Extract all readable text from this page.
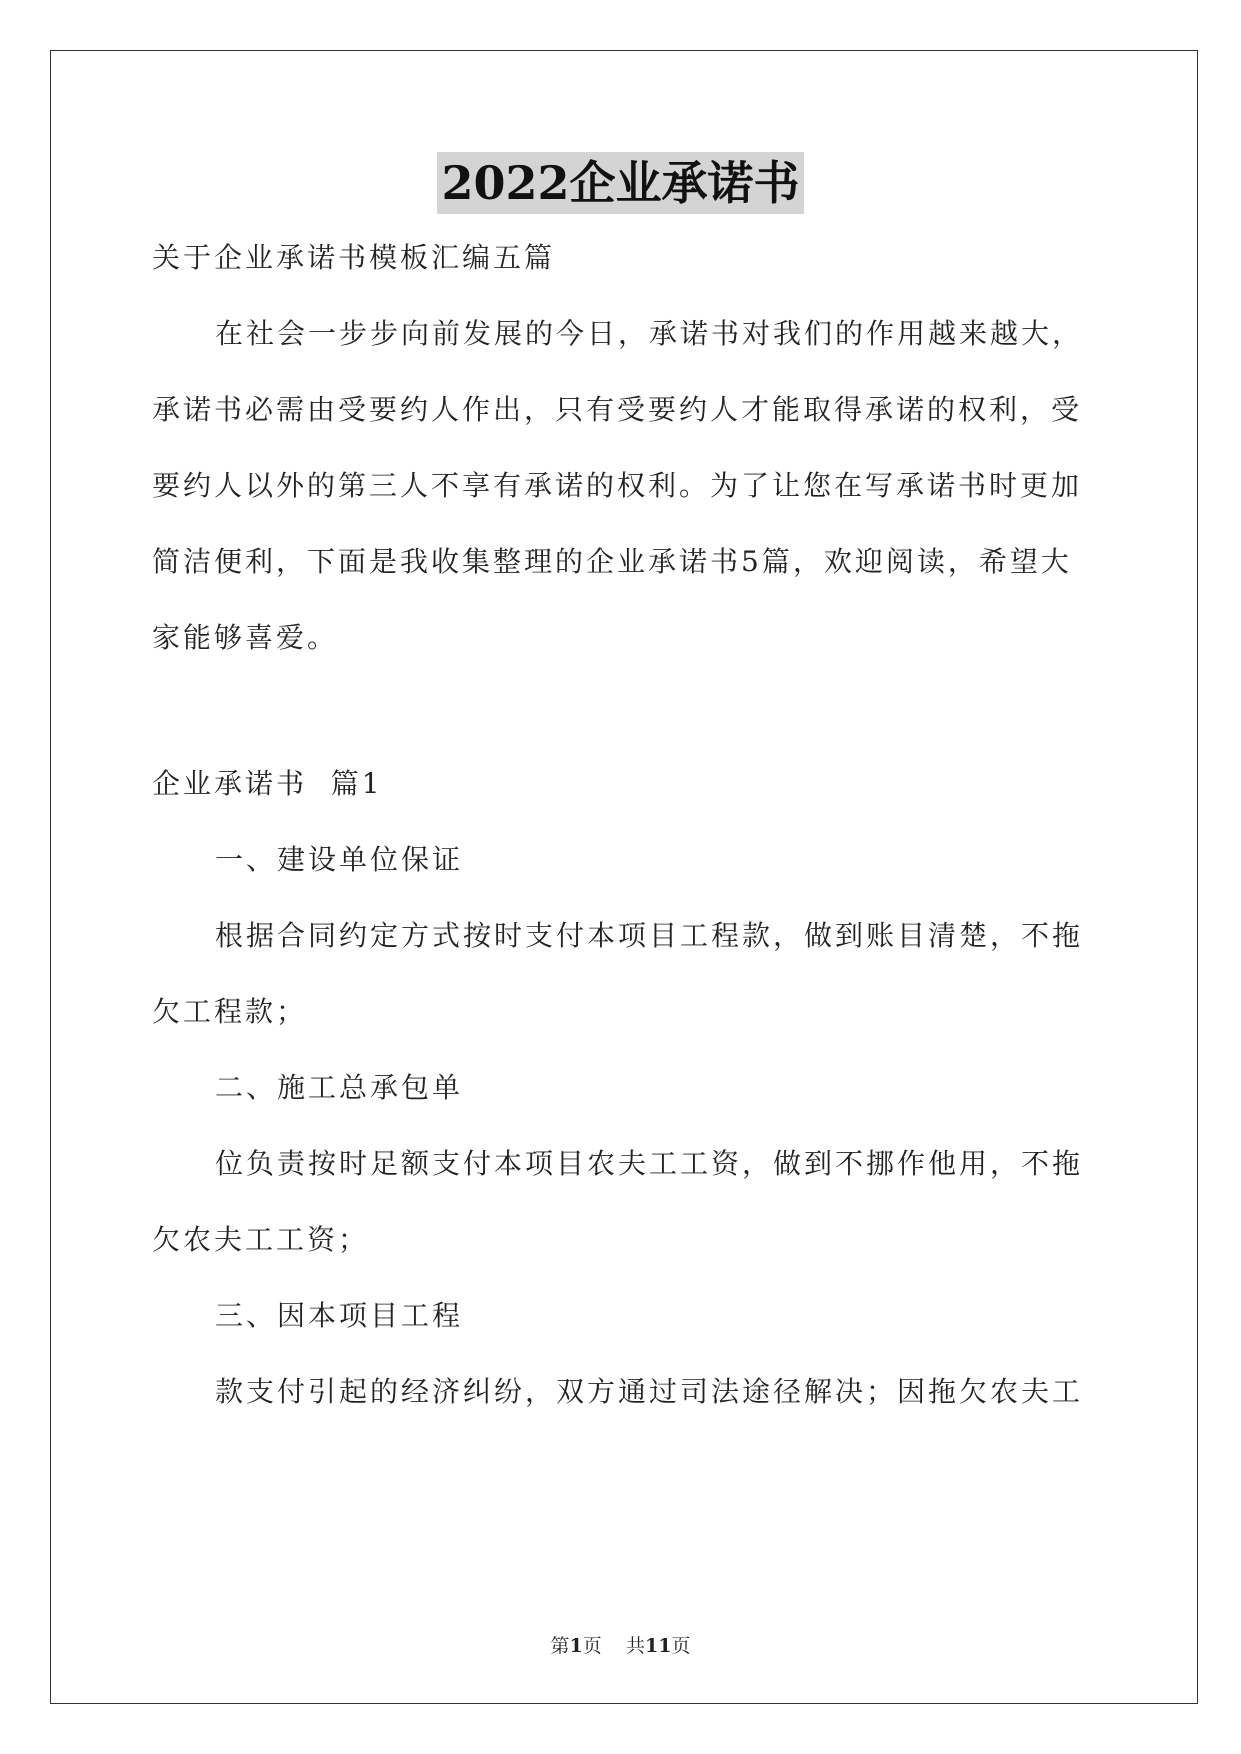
2022企业承诺书
关于企业承诺书模板汇编五篇
在社会一步步向前发展的今日，承诺书对我们的作用越来越大，
承诺书必需由受要约人作出，只有受要约人才能取得承诺的权利，受
要约人以外的第三人不享有承诺的权利。为了让您在写承诺书时更加
简洁便利，下面是我收集整理的企业承诺书5篇，欢迎阅读，希望大
家能够喜爱。
企业承诺书  篇1
一、建设单位保证
根据合同约定方式按时支付本项目工程款，做到账目清楚，不拖
欠工程款；
二、施工总承包单
位负责按时足额支付本项目农夫工工资，做到不挪作他用，不拖
欠农夫工工资；
三、因本项目工程
款支付引起的经济纠纷，双方通过司法途径解决；因拖欠农夫工
第1页 共11页
